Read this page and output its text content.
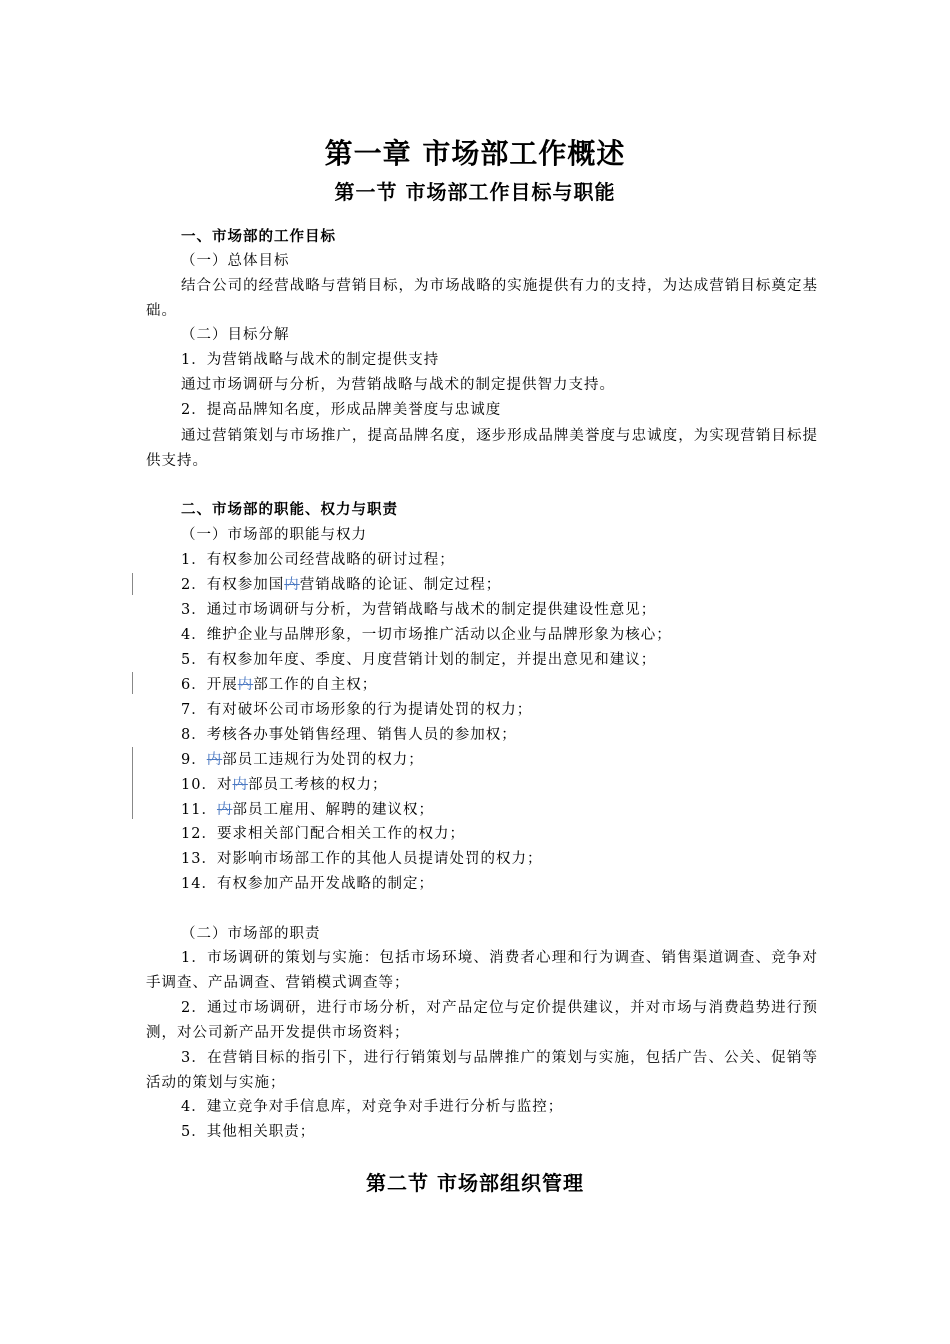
第一章 市场部工作概述
第一节 市场部工作目标与职能
一、市场部的工作目标
（一）总体目标
结合公司的经营战略与营销目标，为市场战略的实施提供有力的支持，为达成营销目标奠定基础。
（二）目标分解
1．为营销战略与战术的制定提供支持
通过市场调研与分析，为营销战略与战术的制定提供智力支持。
2．提高品牌知名度，形成品牌美誉度与忠诚度
通过营销策划与市场推广，提高品牌名度，逐步形成品牌美誉度与忠诚度，为实现营销目标提供支持。
二、市场部的职能、权力与职责
（一）市场部的职能与权力
1．有权参加公司经营战略的研讨过程；
2．有权参加国内营销战略的论证、制定过程；
3．通过市场调研与分析，为营销战略与战术的制定提供建设性意见；
4．维护企业与品牌形象，一切市场推广活动以企业与品牌形象为核心；
5．有权参加年度、季度、月度营销计划的制定，并提出意见和建议；
6．开展内部工作的自主权；
7．有对破坏公司市场形象的行为提请处罚的权力；
8．考核各办事处销售经理、销售人员的参加权；
9．内部员工违规行为处罚的权力；
10．对内部员工考核的权力；
11．内部员工雇用、解聘的建议权；
12．要求相关部门配合相关工作的权力；
13．对影响市场部工作的其他人员提请处罚的权力；
14．有权参加产品开发战略的制定；
（二）市场部的职责
1．市场调研的策划与实施：包括市场环境、消费者心理和行为调查、销售渠道调查、竞争对手调查、产品调查、营销模式调查等；
2．通过市场调研，进行市场分析，对产品定位与定价提供建议，并对市场与消费趋势进行预测，对公司新产品开发提供市场资料；
3．在营销目标的指引下，进行行销策划与品牌推广的策划与实施，包括广告、公关、促销等活动的策划与实施；
4．建立竞争对手信息库，对竞争对手进行分析与监控；
5．其他相关职责；
第二节 市场部组织管理
